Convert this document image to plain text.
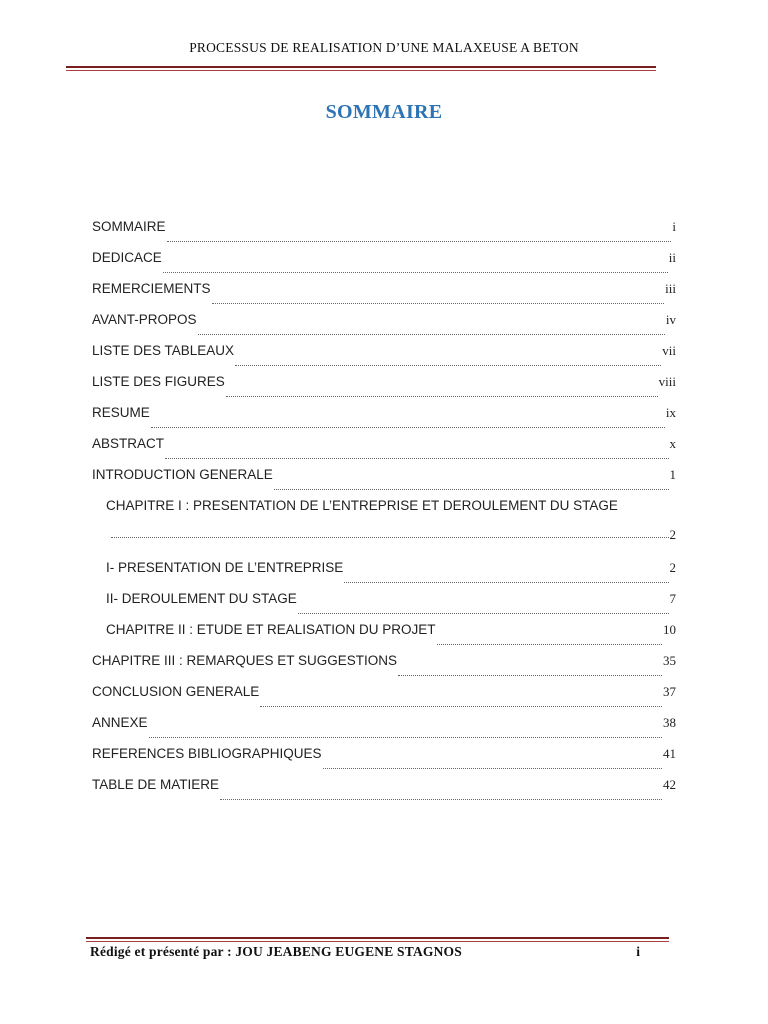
PROCESSUS DE REALISATION D’UNE MALAXEUSE A BETON
SOMMAIRE
SOMMAIRE	i
DEDICACE	ii
REMERCIEMENTS	iii
AVANT-PROPOS	iv
LISTE DES TABLEAUX	vii
LISTE DES FIGURES	viii
RESUME	ix
ABSTRACT	x
INTRODUCTION GENERALE	1
CHAPITRE I : PRESENTATION DE L’ENTREPRISE ET DEROULEMENT DU STAGE
2
I- PRESENTATION DE L’ENTREPRISE	2
II- DEROULEMENT DU STAGE	7
CHAPITRE II : ETUDE ET REALISATION DU PROJET	10
CHAPITRE III : REMARQUES ET SUGGESTIONS	35
CONCLUSION GENERALE	37
ANNEXE	38
REFERENCES BIBLIOGRAPHIQUES	41
TABLE DE MATIERE	42
Rédigé et présenté par : JOU JEABENG EUGENE STAGNOS	i
